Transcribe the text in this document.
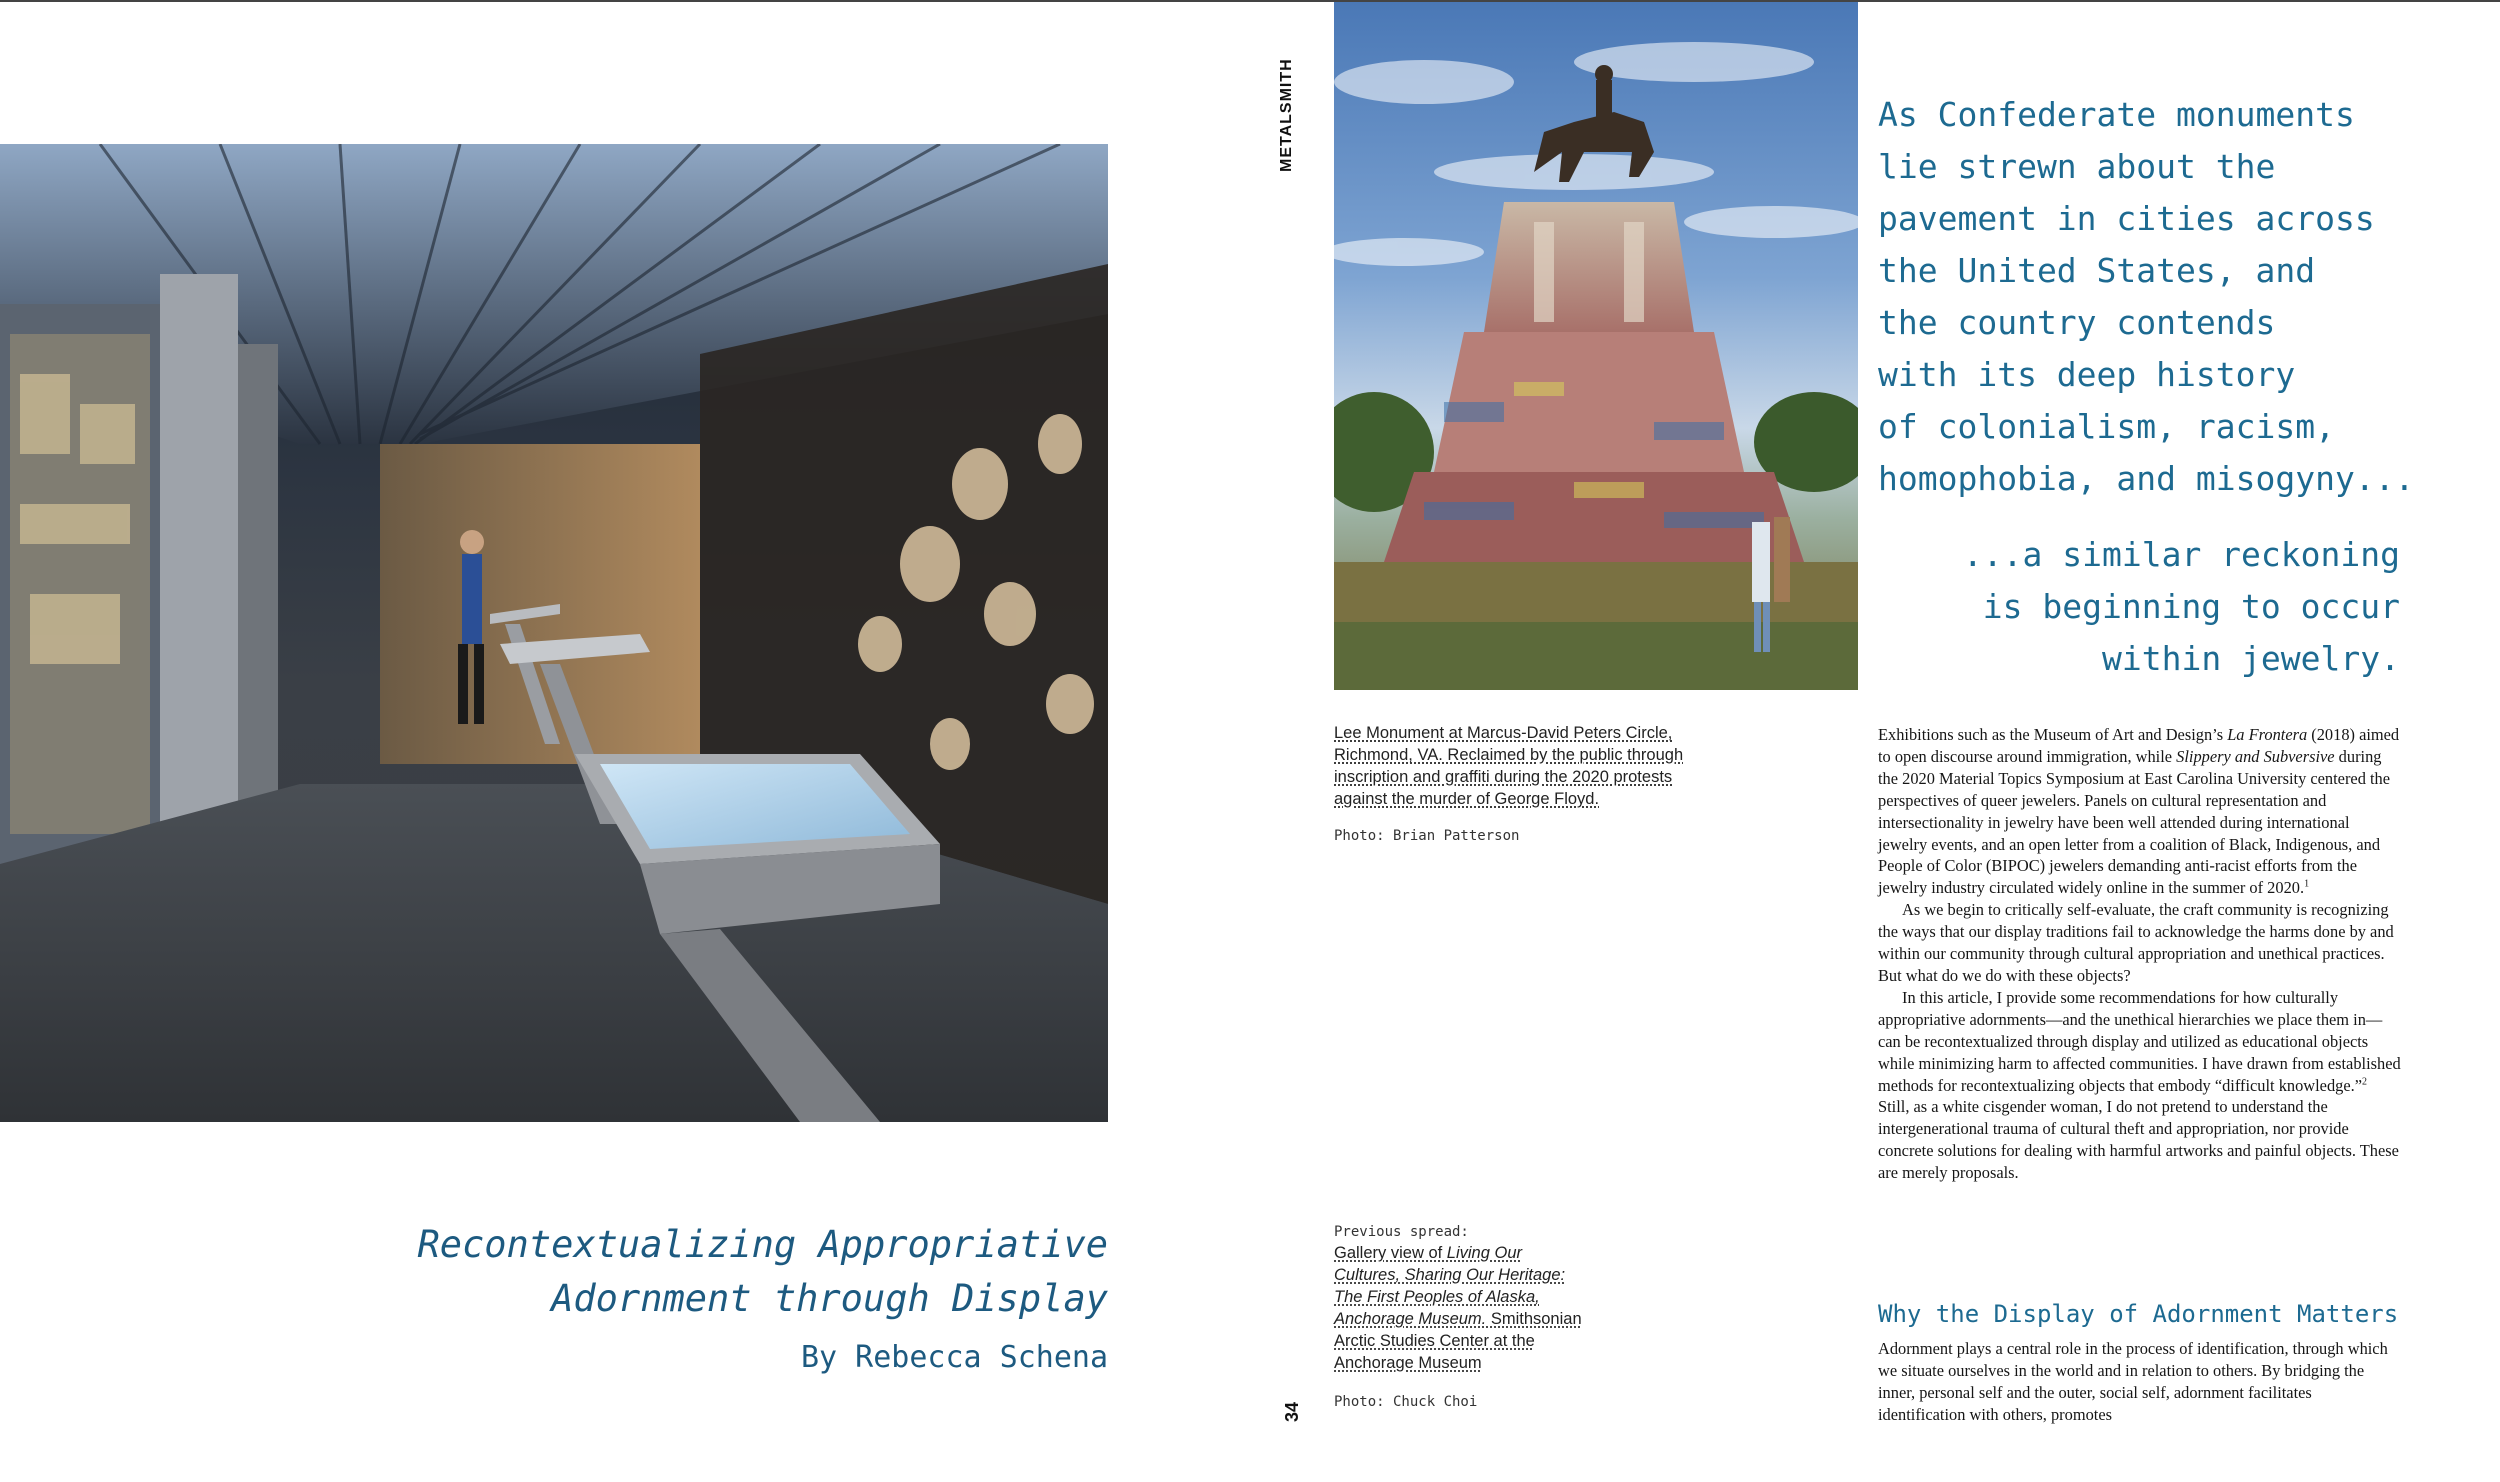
Recontextualizing Appropriative
Adornment through Display
By Rebecca Schena
METALSMITH
34
Lee Monument at Marcus-David Peters Circle,
Richmond, VA. Reclaimed by the public through
inscription and graffiti during the 2020 protests
against the murder of George Floyd.
Photo: Brian Patterson
Previous spread:
Gallery view of Living Our
Cultures, Sharing Our Heritage:
The First Peoples of Alaska,
Anchorage Museum. Smithsonian
Arctic Studies Center at the
Anchorage Museum
Photo: Chuck Choi
As Confederate monuments
lie strewn about the
pavement in cities across
the United States, and
the country contends
with its deep history
of colonialism, racism,
homophobia, and misogyny...
...a similar reckoning
is beginning to occur
within jewelry.

Exhibitions such as the Museum of Art and Design’s La Frontera (2018) aimed to open discourse around immigration, while Slippery and Subversive during the 2020 Material Topics Symposium at East Carolina University centered the perspectives of queer jewelers. Panels on cultural representation and intersectionality in jewelry have been well attended during international jewelry events, and an open letter from a coalition of Black, Indigenous, and People of Color (BIPOC) jewelers demanding anti-racist efforts from the jewelry industry circulated widely online in the summer of 2020.$^1$

As we begin to critically self-evaluate, the craft community is recognizing the ways that our display traditions fail to acknowledge the harms done by and within our community through cultural appropriation and unethical practices. But what do we do with these objects?

In this article, I provide some recommendations for how culturally appropriative adornments—and the unethical hierarchies we place them in—can be recontextualized through display and utilized as educational objects while minimizing harm to affected communities. I have drawn from established methods for recontextualizing objects that embody “difficult knowledge.”$^2$ Still, as a white cisgender woman, I do not pretend to understand the intergenerational trauma of cultural theft and appropriation, nor provide concrete solutions for dealing with harmful artworks and painful objects. These are merely proposals.

Why the Display of Adornment Matters

Adornment plays a central role in the process of identification, through which we situate ourselves in the world and in relation to others. By bridging the inner, personal self and the outer, social self, adornment facilitates identification with others, promotes
